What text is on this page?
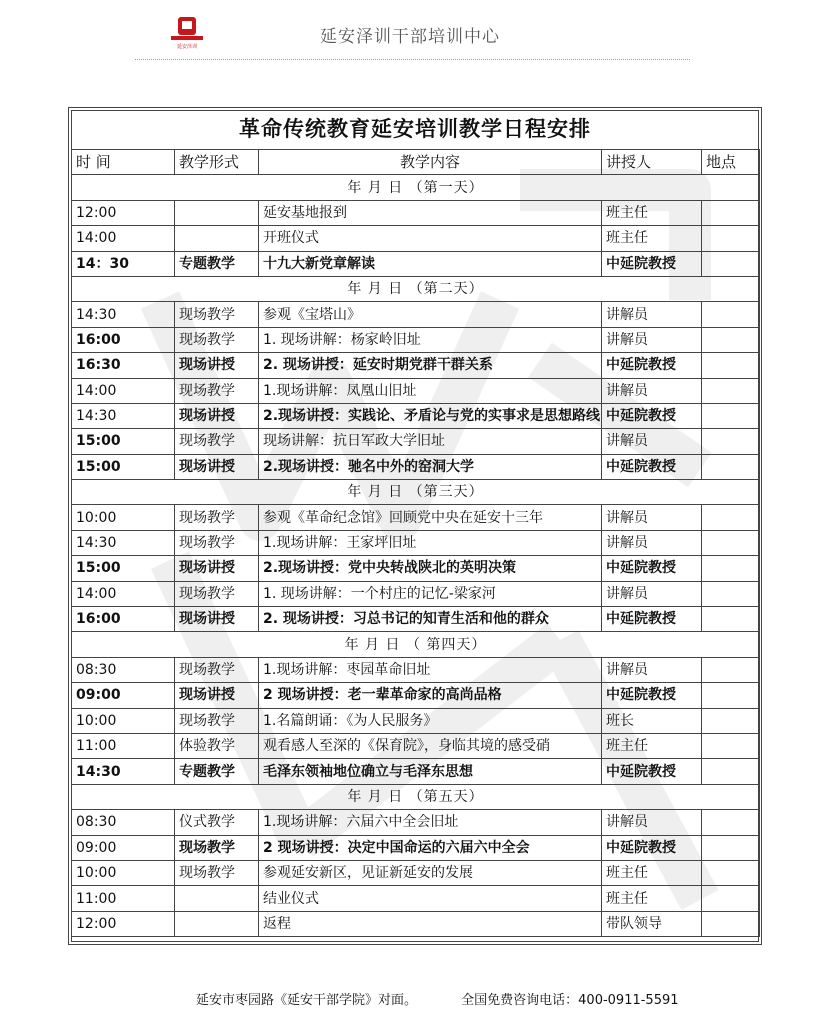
延安泽训	延安泽训干部培训中心
革命传统教育延安培训教学日程安排
时 间	教学形式	教学内容	讲授人	地点
年 月 日 （第一天）				
12:00		延安基地报到	班主任	
14:00		开班仪式	班主任	
14：30	专题教学	十九大新党章解读	中延院教授	
年 月 日 （第二天）				
14:30	现场教学	参观《宝塔山》	讲解员	
16:00	现场教学	1. 现场讲解：杨家岭旧址	讲解员	
16:30	现场讲授	2. 现场讲授：延安时期党群干群关系	中延院教授	
14:00	现场教学	1.现场讲解：凤凰山旧址	讲解员	
14:30	现场讲授	2.现场讲授：实践论、矛盾论与党的实事求是思想路线	中延院教授	
15:00	现场教学	现场讲解：抗日军政大学旧址	讲解员	
15:00	现场讲授	2.现场讲授：驰名中外的窑洞大学	中延院教授	
年 月 日 （第三天）				
10:00	现场教学	参观《革命纪念馆》回顾党中央在延安十三年	讲解员	
14:30	现场教学	1.现场讲解：王家坪旧址	讲解员	
15:00	现场讲授	2.现场讲授：党中央转战陕北的英明决策	中延院教授	
14:00	现场教学	1. 现场讲解：一个村庄的记忆-梁家河	讲解员	
16:00	现场讲授	2. 现场讲授：习总书记的知青生活和他的群众	中延院教授	
年 月 日 （ 第四天）				
08:30	现场教学	1.现场讲解：枣园革命旧址	讲解员	
09:00	现场讲授	2 现场讲授：老一辈革命家的高尚品格	中延院教授	
10:00	现场教学	1.名篇朗诵：《为人民服务》	班长	
11:00	体验教学	观看感人至深的《保育院》，身临其境的感受硝	班主任	
14:30	专题教学	毛泽东领袖地位确立与毛泽东思想	中延院教授	
年 月 日 （第五天）				
08:30	仪式教学	1.现场讲解：六届六中全会旧址	讲解员	
09:00	现场教学	2 现场讲授：决定中国命运的六届六中全会	中延院教授	
10:00	现场教学	参观延安新区，见证新延安的发展	班主任	
11:00		结业仪式	班主任	
12:00		返程	带队领导	
延安市枣园路《延安干部学院》对面。	全国免费咨询电话：400-0911-5591
